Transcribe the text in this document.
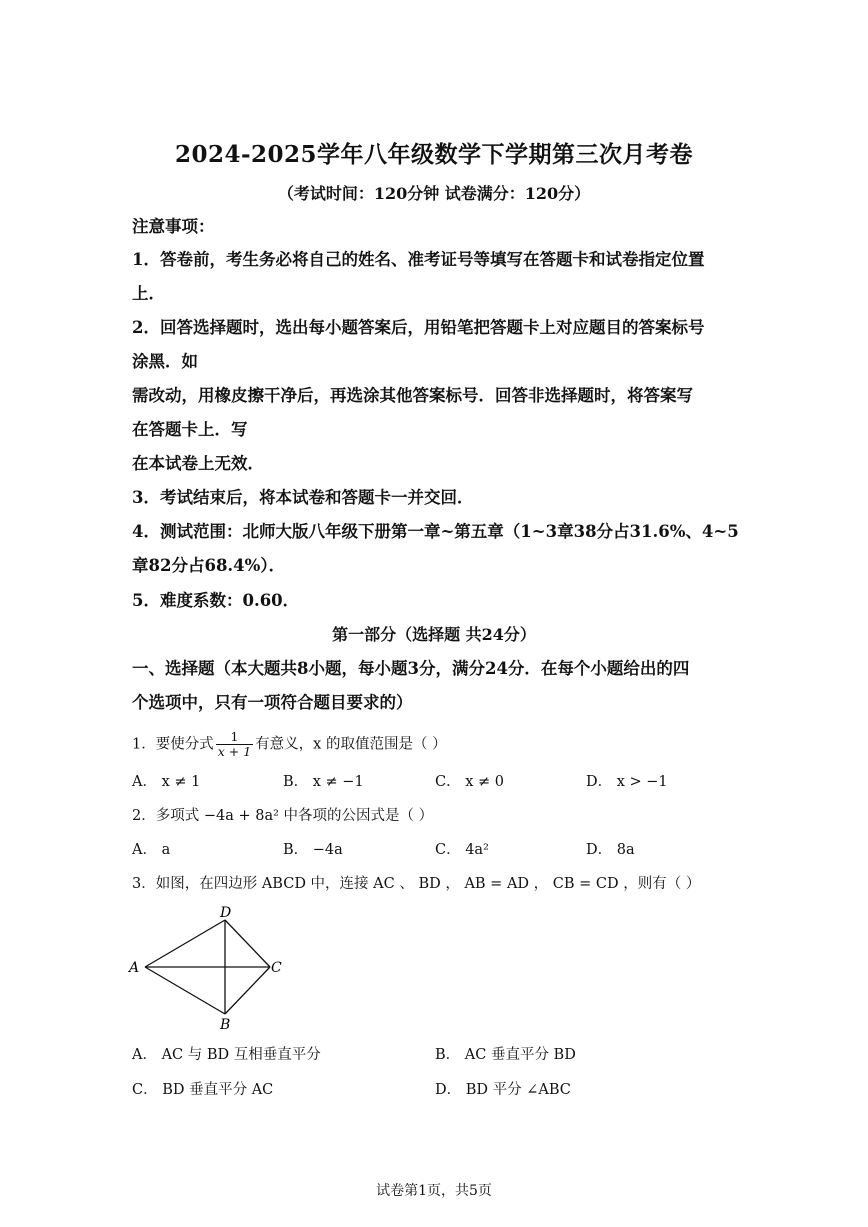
2024-2025学年八年级数学下学期第三次月考卷
（考试时间：120分钟 试卷满分：120分）
注意事项：
1．答卷前，考生务必将自己的姓名、准考证号等填写在答题卡和试卷指定位置
上．
2．回答选择题时，选出每小题答案后，用铅笔把答题卡上对应题目的答案标号
涂黑．如
需改动，用橡皮擦干净后，再选涂其他答案标号．回答非选择题时，将答案写
在答题卡上．写
在本试卷上无效．
3．考试结束后，将本试卷和答题卡一并交回．
4．测试范围：北师大版八年级下册第一章~第五章（1~3章38分占31.6%、4~5
章82分占68.4%）．
5．难度系数：0.60．
第一部分（选择题 共24分）
一、选择题（本大题共8小题，每小题3分，满分24分．在每个小题给出的四
个选项中，只有一项符合题目要求的）
1．要使分式 $\frac{1}{x + 1}$ 有意义，x 的取值范围是（ ）
A． x ≠ 1	B． x ≠ −1	C． x ≠ 0	D． x > −1
2．多项式 −4a + 8a² 中各项的公因式是（ ）
A． a	B． −4a	C． 4a²	D． 8a
3．如图，在四边形 ABCD 中，连接 AC 、 BD ， AB = AD ， CB = CD ，则有（ ）
A
D
C
B
A． AC 与 BD 互相垂直平分	B． AC 垂直平分 BD
C． BD 垂直平分 AC	D． BD 平分 ∠ABC
试卷第1页，共5页
